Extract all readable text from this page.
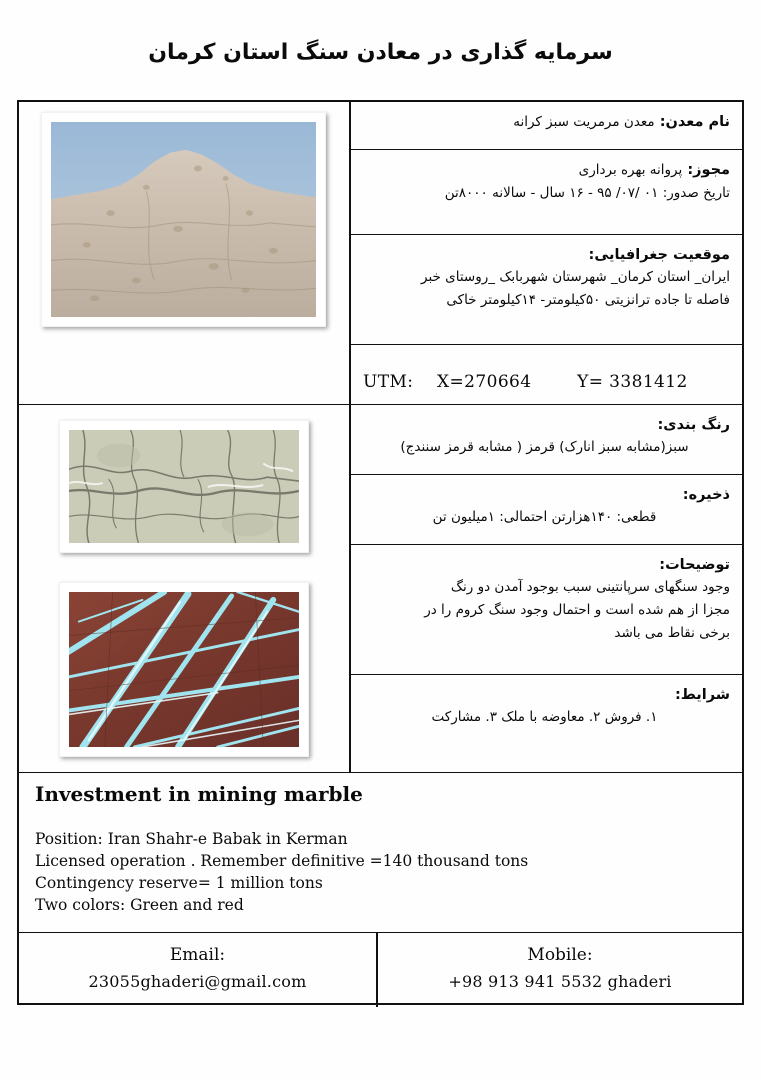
سرمایه گذاری در معادن سنگ استان کرمان
نام معدن: معدن مرمریت سبز کرانه
مجوز: پروانه بهره برداری
تاریخ صدور: ۰۱ /۰۷/ ۹۵ - ۱۶ سال - سالانه ۸۰۰۰تن
موقعیت جغرافیایی:
ایران_ استان کرمان_ شهرستان شهربابک _روستای خبر
فاصله تا جاده ترانزیتی ۵۰کیلومتر- ۱۴کیلومتر خاکی
UTM: X=270664	Y= 3381412
رنگ بندی:
سبز(مشابه سبز انارک) قرمز ( مشابه قرمز سنندج)
ذخیره:
قطعی: ۱۴۰هزارتن احتمالی: ۱میلیون تن
توضیحات:
وجود سنگهای سرپانتینی سبب بوجود آمدن دو رنگ
مجزا از هم شده است و احتمال وجود سنگ کروم را در
برخی نقاط می باشد
شرایط:
۱. فروش ۲. معاوضه با ملک ۳. مشارکت
Investment in mining marble
Position: Iran Shahr-e Babak in Kerman
Licensed operation . Remember definitive =140 thousand tons
Contingency reserve= 1 million tons
Two colors: Green and red
Email:
23055ghaderi@gmail.com
Mobile:
+98 913 941 5532 ghaderi
